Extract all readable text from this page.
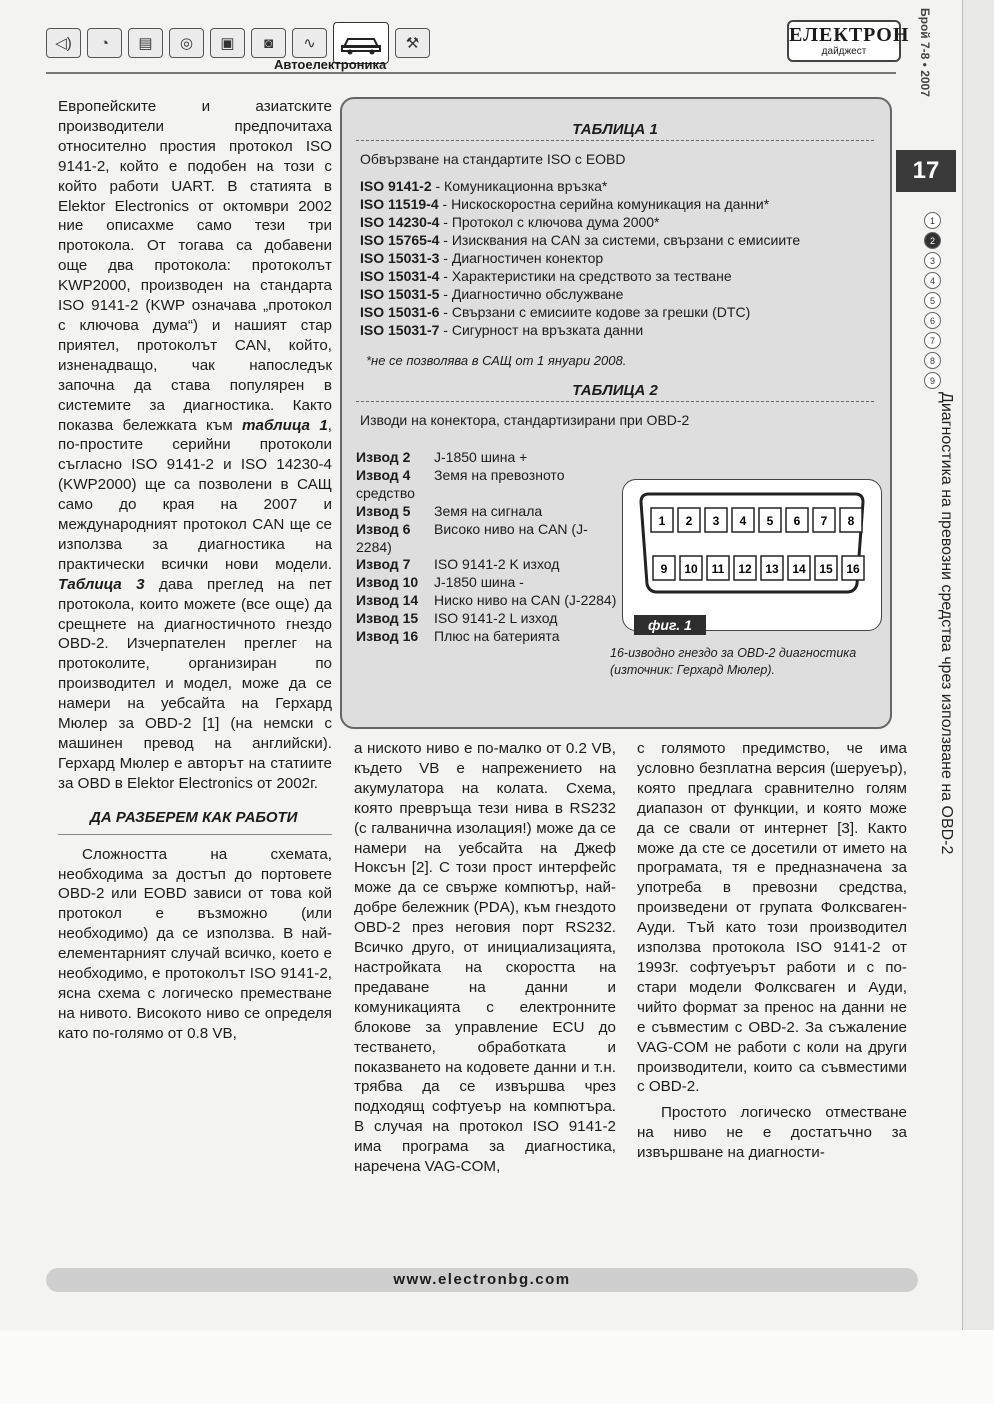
◁)	◔	▤	◎	▣	◙	∿	⚒
Автоелектроника
ЕЛЕКТРОН
дайджест	Брой 7-8 • 2007
17
1
2
3
4
5
6
7
8
9
Диагностика на превозни средства чрез използване на OBD-2

Европейските и азиатските производители предпочитаха относително простия протокол ISO 9141-2, който е подобен на този с който работи UART. В статията в Elektor Electronics от октомври 2002 ние описахме само тези три протокола. От тогава са добавени още два протокола: протоколът KWP2000, производен на стандарта ISO 9141-2 (KWP означава „протокол с ключова дума“) и нашият стар приятел, протоколът CAN, който, изненадващо, чак напоследък започна да става популярен в системите за диагностика. Както показва бележката към таблица 1, по-простите серийни протоколи съгласно ISO 9141-2 и ISO 14230-4 (KWP2000) ще са позволени в САЩ само до края на 2007 и международният протокол CAN ще се използва за диагностика на практически всички нови модели. Таблица 3 дава преглед на пет протокола, които можете (все още) да срещнете на диагностичното гнездо OBD-2. Изчерпателен преглег на протоколите, организиран по производител и модел, може да се намери на уебсайта на Герхард Мюлер за OBD-2 [1] (на немски с машинен превод на английски). Герхард Мюлер е авторът на статиите за OBD в Elektor Electronics от 2002г.

ДА РАЗБЕРЕМ КАК РАБОТИ

Сложността на схемата, необходима за достъп до портовете OBD-2 или EOBD зависи от това кой протокол е възможно (или необходимо) да се използва. В най-елементарният случай всичко, което е необходимо, е протоколът ISO 9141-2, ясна схема с логическо преместване на нивото. Високото ниво се определя като по-голямо от 0.8 VB,

ТАБЛИЦА 1
Обвързване на стандартите ISO с EOBD
ISO 9141-2 - Комуникационна връзка*
ISO 11519-4 - Нискоскоростна серийна комуникация на данни*
ISO 14230-4 - Протокол с ключова дума 2000*
ISO 15765-4 - Изисквания на CAN за системи, свързани с емисиите
ISO 15031-3 - Диагностичен конектор
ISO 15031-4 - Характеристики на средството за тестване
ISO 15031-5 - Диагностично обслужване
ISO 15031-6 - Свързани с емисиите кодове за грешки (DTC)
ISO 15031-7 - Сигурност на връзката данни
*не се позволява в САЩ от 1 януари 2008.
ТАБЛИЦА 2
Изводи на конектора, стандартизирани при OBD-2
Извод 2 J-1850 шина +
Извод 4 Земя на превозното средство
Извод 5 Земя на сигнала
Извод 6 Високо ниво на CAN (J-2284)
Извод 7 ISO 9141-2 K изход
Извод 10 J-1850 шина -
Извод 14 Ниско ниво на CAN (J-2284)
Извод 15 ISO 9141-2 L изход
Извод 16 Плюс на батерията
1 2 3 4 5 6 7 8
9 10 11 12 13 14 15 16
фиг. 1
16-изводно гнездо за OBD-2 диагностика (източник: Герхард Мюлер).

а ниското ниво е по-малко от 0.2 VB, където VB е напрежението на акумулатора на колата. Схема, която превръща тези нива в RS232 (с галванична изолация!) може да се намери на уебсайта на Джеф Ноксън [2]. С този прост интерфейс може да се свърже компютър, най-добре бележник (PDA), към гнездото OBD-2 през неговия порт RS232. Всичко друго, от инициализацията, настройката на скоростта на предаване на данни и комуникацията с електронните блокове за управление ECU до тестването, обработката и показването на кодовете данни и т.н. трябва да се извършва чрез подходящ софтуеър на компютъра. В случая на протокол ISO 9141-2 има програма за диагностика, наречена VAG-COM,

с голямото предимство, че има условно безплатна версия (шеруеър), която предлага сравнително голям диапазон от функции, и която може да се свали от интернет [3]. Както може да сте се досетили от името на програмата, тя е предназначена за употреба в превозни средства, произведени от групата Фолксваген-Ауди. Тъй като този производител използва протокола ISO 9141-2 от 1993г. софтуеърът работи и с по-стари модели Фолксваген и Ауди, чийто формат за пренос на данни не е съвместим с OBD-2. За съжаление VAG-COM не работи с коли на други производители, които са съвместими с OBD-2.

Простото логическо отместване на ниво не е достатъчно за извършване на диагности-

www.electronbg.com
